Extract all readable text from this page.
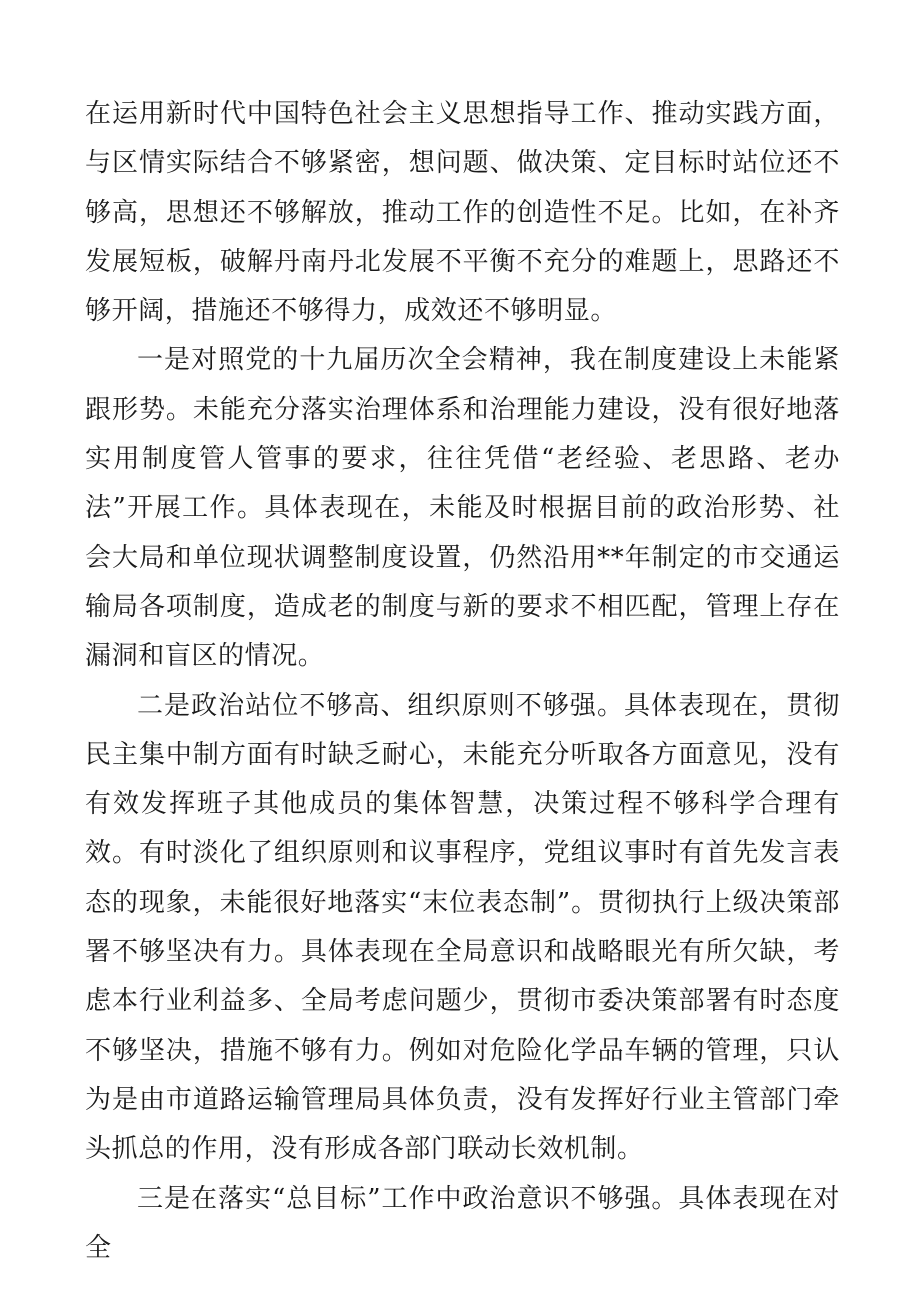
在运用新时代中国特色社会主义思想指导工作、推动实践方面，与区情实际结合不够紧密，想问题、做决策、定目标时站位还不够高，思想还不够解放，推动工作的创造性不足。比如，在补齐发展短板，破解丹南丹北发展不平衡不充分的难题上，思路还不够开阔，措施还不够得力，成效还不够明显。

一是对照党的十九届历次全会精神，我在制度建设上未能紧跟形势。未能充分落实治理体系和治理能力建设，没有很好地落实用制度管人管事的要求，往往凭借“老经验、老思路、老办法”开展工作。具体表现在，未能及时根据目前的政治形势、社会大局和单位现状调整制度设置，仍然沿用**年制定的市交通运输局各项制度，造成老的制度与新的要求不相匹配，管理上存在漏洞和盲区的情况。

二是政治站位不够高、组织原则不够强。具体表现在，贯彻民主集中制方面有时缺乏耐心，未能充分听取各方面意见，没有有效发挥班子其他成员的集体智慧，决策过程不够科学合理有效。有时淡化了组织原则和议事程序，党组议事时有首先发言表态的现象，未能很好地落实“末位表态制”。贯彻执行上级决策部署不够坚决有力。具体表现在全局意识和战略眼光有所欠缺，考虑本行业利益多、全局考虑问题少，贯彻市委决策部署有时态度不够坚决，措施不够有力。例如对危险化学品车辆的管理，只认为是由市道路运输管理局具体负责，没有发挥好行业主管部门牵头抓总的作用，没有形成各部门联动长效机制。

三是在落实“总目标”工作中政治意识不够强。具体表现在对全
